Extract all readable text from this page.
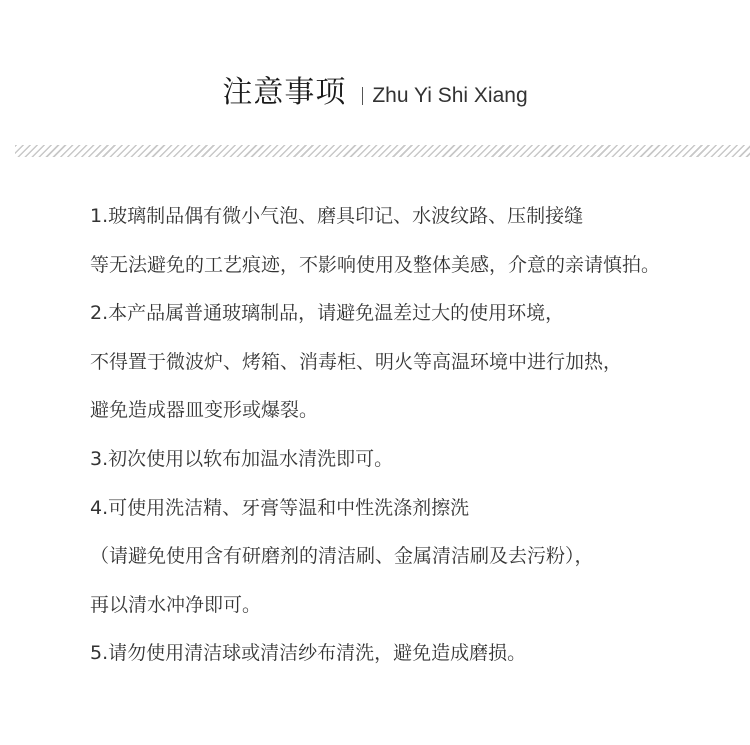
注意事项 Zhu Yi Shi Xiang
1.玻璃制品偶有微小气泡、磨具印记、水波纹路、压制接缝
等无法避免的工艺痕迹，不影响使用及整体美感，介意的亲请慎拍。
2.本产品属普通玻璃制品，请避免温差过大的使用环境，
不得置于微波炉、烤箱、消毒柜、明火等高温环境中进行加热，
避免造成器皿变形或爆裂。
3.初次使用以软布加温水清洗即可。
4.可使用洗洁精、牙膏等温和中性洗涤剂擦洗
（请避免使用含有研磨剂的清洁刷、金属清洁刷及去污粉），
再以清水冲净即可。
5.请勿使用清洁球或清洁纱布清洗，避免造成磨损。
